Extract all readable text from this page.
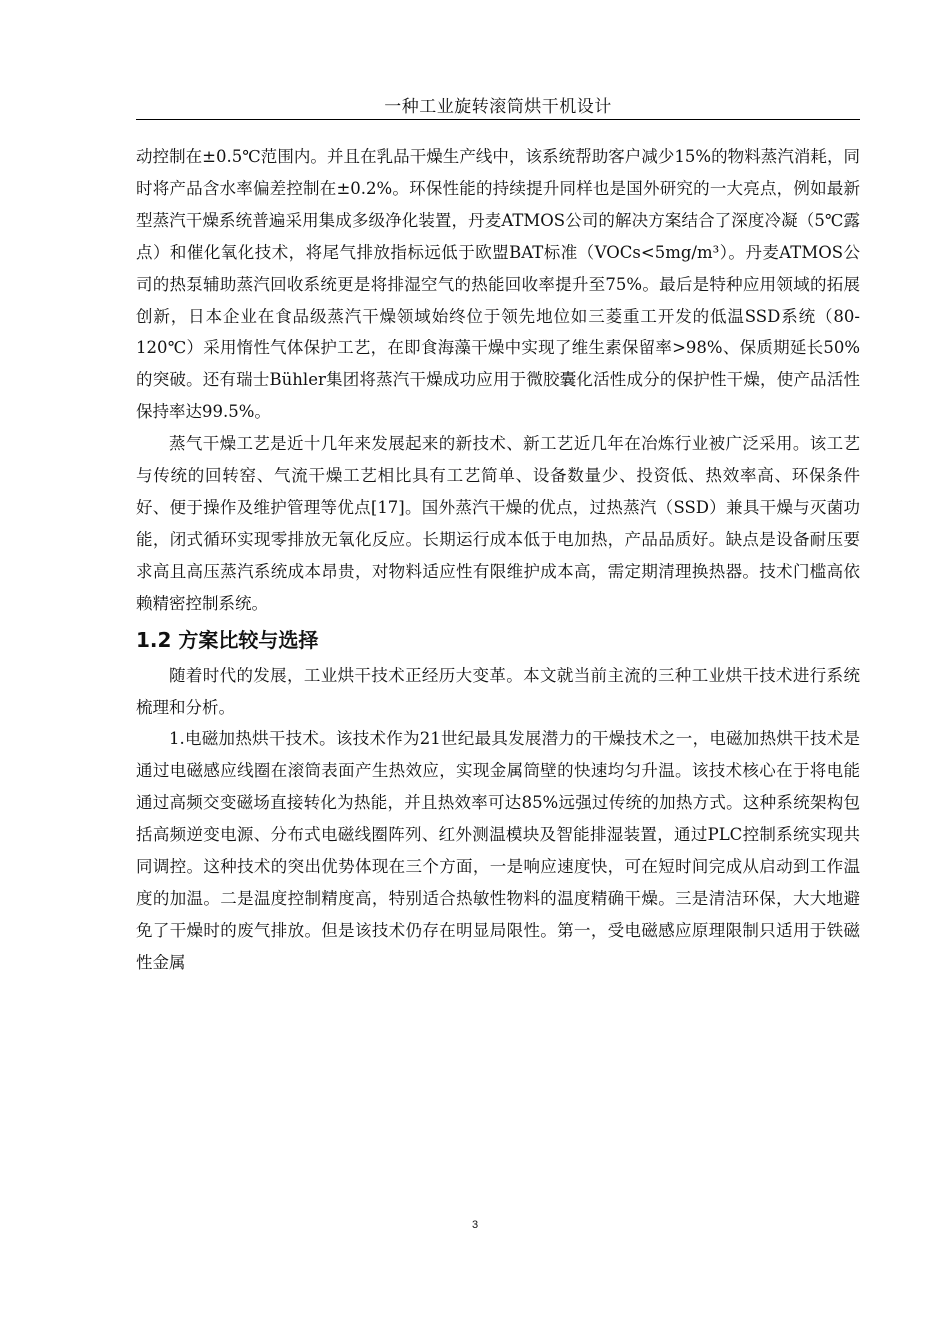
一种工业旋转滚筒烘干机设计

动控制在±0.5℃范围内。并且在乳品干燥生产线中，该系统帮助客户减少15%的物料蒸汽消耗，同时将产品含水率偏差控制在±0.2%。环保性能的持续提升同样也是国外研究的一大亮点，例如最新型蒸汽干燥系统普遍采用集成多级净化装置，丹麦ATMOS公司的解决方案结合了深度冷凝（5℃露点）和催化氧化技术，将尾气排放指标远低于欧盟BAT标准（VOCs<5mg/m³）。丹麦ATMOS公司的热泵辅助蒸汽回收系统更是将排湿空气的热能回收率提升至75%。最后是特种应用领域的拓展创新，日本企业在食品级蒸汽干燥领域始终位于领先地位如三菱重工开发的低温SSD系统（80-120℃）采用惰性气体保护工艺，在即食海藻干燥中实现了维生素保留率>98%、保质期延长50%的突破。还有瑞士Bühler集团将蒸汽干燥成功应用于微胶囊化活性成分的保护性干燥，使产品活性保持率达99.5%。

蒸气干燥工艺是近十几年来发展起来的新技术、新工艺近几年在冶炼行业被广泛采用。该工艺与传统的回转窑、气流干燥工艺相比具有工艺简单、设备数量少、投资低、热效率高、环保条件好、便于操作及维护管理等优点[17]。国外蒸汽干燥的优点，过热蒸汽（SSD）兼具干燥与灭菌功能，闭式循环实现零排放无氧化反应。长期运行成本低于电加热，产品品质好。缺点是设备耐压要求高且高压蒸汽系统成本昂贵，对物料适应性有限维护成本高，需定期清理换热器。技术门槛高依赖精密控制系统。

1.2 方案比较与选择

随着时代的发展，工业烘干技术正经历大变革。本文就当前主流的三种工业烘干技术进行系统梳理和分析。

1.电磁加热烘干技术。该技术作为21世纪最具发展潜力的干燥技术之一，电磁加热烘干技术是通过电磁感应线圈在滚筒表面产生热效应，实现金属筒壁的快速均匀升温。该技术核心在于将电能通过高频交变磁场直接转化为热能，并且热效率可达85%远强过传统的加热方式。这种系统架构包括高频逆变电源、分布式电磁线圈阵列、红外测温模块及智能排湿装置，通过PLC控制系统实现共同调控。这种技术的突出优势体现在三个方面，一是响应速度快，可在短时间完成从启动到工作温度的加温。二是温度控制精度高，特别适合热敏性物料的温度精确干燥。三是清洁环保，大大地避免了干燥时的废气排放。但是该技术仍存在明显局限性。第一，受电磁感应原理限制只适用于铁磁性金属

3
